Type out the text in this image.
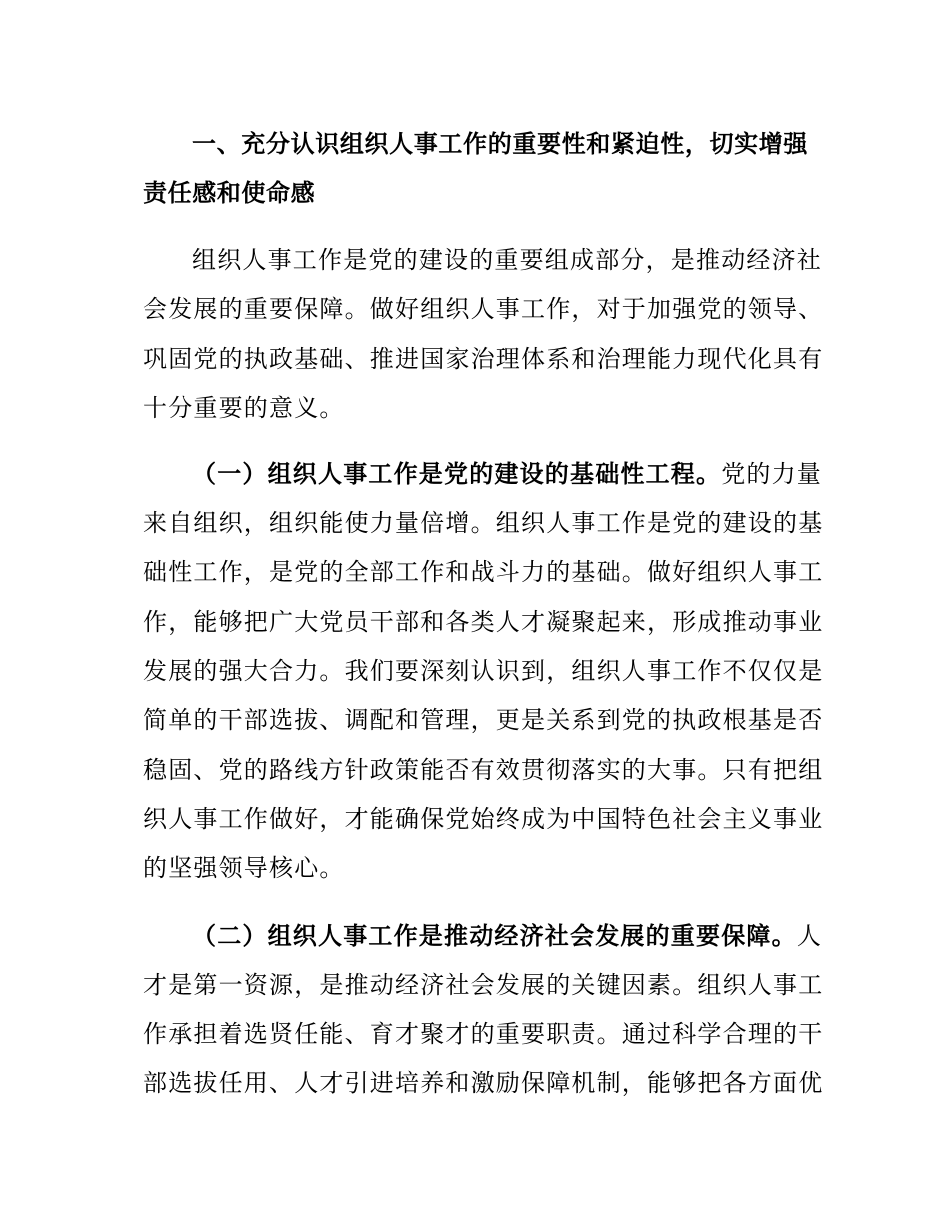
一、充分认识组织人事工作的重要性和紧迫性，切实增强
责任感和使命感
组织人事工作是党的建设的重要组成部分，是推动经济社
会发展的重要保障。做好组织人事工作，对于加强党的领导、
巩固党的执政基础、推进国家治理体系和治理能力现代化具有
十分重要的意义。
（一）组织人事工作是党的建设的基础性工程。党的力量
来自组织，组织能使力量倍增。组织人事工作是党的建设的基
础性工作，是党的全部工作和战斗力的基础。做好组织人事工
作，能够把广大党员干部和各类人才凝聚起来，形成推动事业
发展的强大合力。我们要深刻认识到，组织人事工作不仅仅是
简单的干部选拔、调配和管理，更是关系到党的执政根基是否
稳固、党的路线方针政策能否有效贯彻落实的大事。只有把组
织人事工作做好，才能确保党始终成为中国特色社会主义事业
的坚强领导核心。
（二）组织人事工作是推动经济社会发展的重要保障。人
才是第一资源，是推动经济社会发展的关键因素。组织人事工
作承担着选贤任能、育才聚才的重要职责。通过科学合理的干
部选拔任用、人才引进培养和激励保障机制，能够把各方面优
